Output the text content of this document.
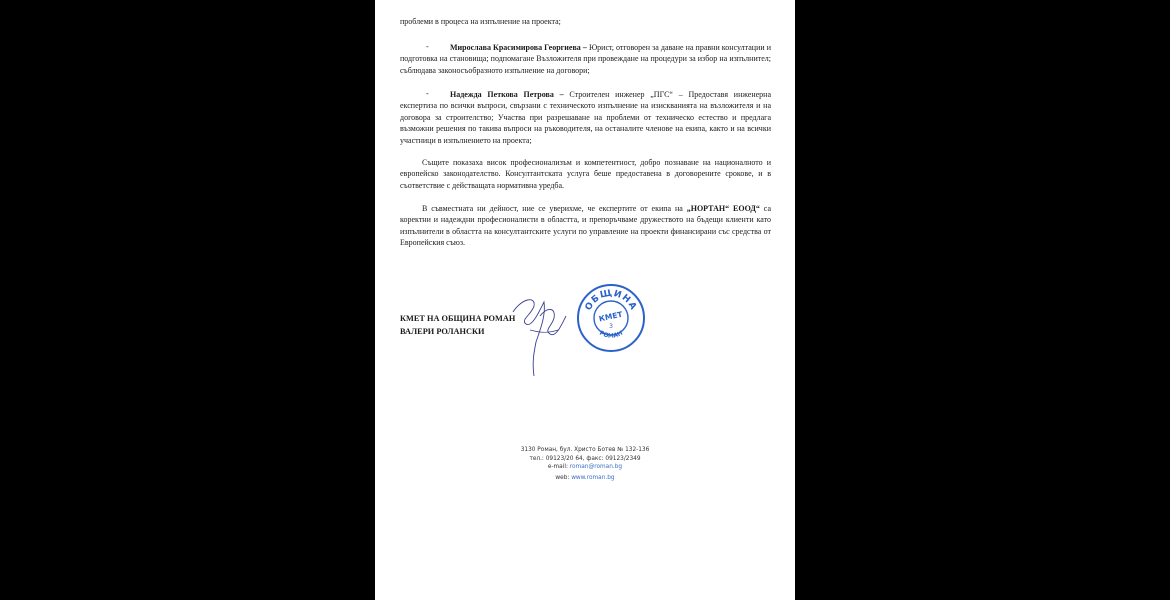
проблеми в процеса на изпълнение на проекта;

-	Мирослава Красимирова Георгиева – Юрист, отговорен за даване на правни консултации и подготовка на становища; подпомагане Възложителя при провеждане на процедури за избор на изпълнител; съблюдава законосъобразното изпълнение на договори;

-	Надежда Петкова Петрова – Строителен инженер „ПГС“ – Предоставя инженерна експертиза по всички въпроси, свързани с техническото изпълнение на изискванията на възложителя и на договора за строителство; Участва при разрешаване на проблеми от техническо естество и предлага възможни решения по такива въпроси на ръководителя, на останалите членове на екипа, както и на всички участници в изпълнението на проекта;

Същите показаха висок професионализъм и компетентност, добро познаване на националното и европейско законодателство. Консултантската услуга беше предоставена в договорените срокове, и в съответствие с действащата нормативна уредба.

В съвместната ни дейност, ние се уверихме, че експертите от екипа на „НОРТАН“ ЕООД“ са коректни и надеждни професионалисти в областта, и препоръчваме дружеството на бъдещи клиенти като изпълнители в областта на консултантските услуги по управление на проекти финансирани със средства от Европейския съюз.

КМЕТ НА ОБЩИНА РОМАН
ВАЛЕРИ РОЛАНСКИ
ОБЩИНА
КМЕТ
3
РОМАН
3130 Роман, бул. Христо Ботев № 132-136
тел.: 09123/20 64, факс: 09123/2349
e-mail: roman@roman.bg
web: www.roman.bg
